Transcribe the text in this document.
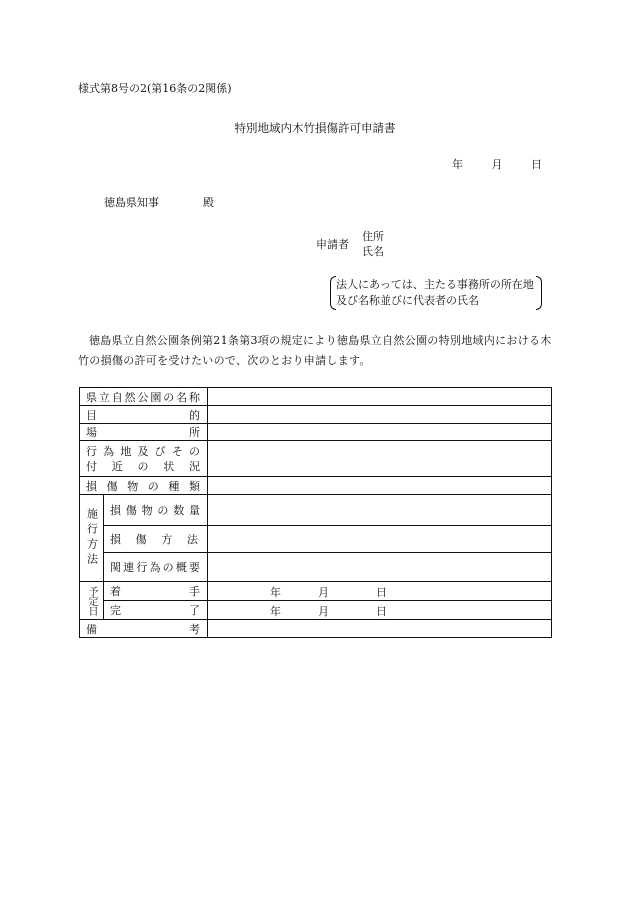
様式第8号の2(第16条の2関係)
特別地域内木竹損傷許可申請書
年	月	日
徳島県知事　　　　殿
申請者
住所
氏名
法人にあっては、主たる事務所の所在地及び名称並びに代表者の氏名
徳島県立自然公園条例第21条第3項の規定により徳島県立自然公園の特別地域内における木竹の損傷の許可を受けたいので、次のとおり申請します。
県立自然公園の名称		
目的		
場所		

行為地及びその
付近の状況		

損傷物の種類		
施行方法	損傷物の数量	
	損傷方法	
	関連行為の概要	
予定日	着手	年 月 日

	完了	年 月 日

備考		
